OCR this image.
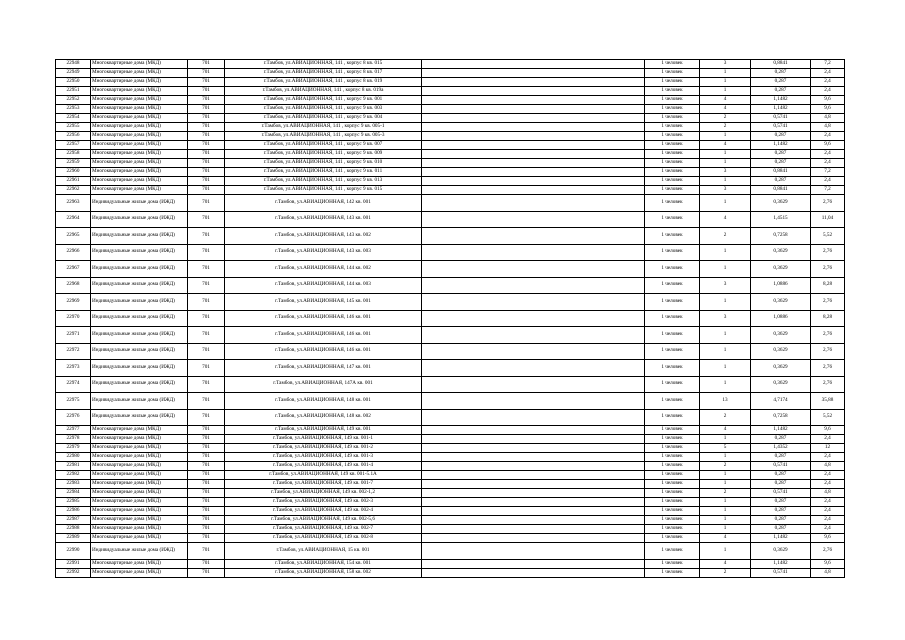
22948	Многоквартирные дома (МКД)	701	г.Тамбов, ул.АВИАЦИОННАЯ, 141 , корпус 8 кв. 015		1 человек	3	0,8841	7,2
22949	Многоквартирные дома (МКД)	701	г.Тамбов, ул.АВИАЦИОННАЯ, 141 , корпус 8 кв. 017		1 человек	1	0,287	2,4
22950	Многоквартирные дома (МКД)	701	г.Тамбов, ул.АВИАЦИОННАЯ, 141 , корпус 8 кв. 019		1 человек	1	0,287	2,4
22951	Многоквартирные дома (МКД)	701	г.Тамбов, ул.АВИАЦИОННАЯ, 141 , корпус 8 кв. 019а		1 человек	1	0,287	2,4
22952	Многоквартирные дома (МКД)	701	г.Тамбов, ул.АВИАЦИОННАЯ, 141 , корпус 9 кв. 001		1 человек	4	1,1482	9,6
22953	Многоквартирные дома (МКД)	701	г.Тамбов, ул.АВИАЦИОННАЯ, 141 , корпус 9 кв. 003		1 человек	4	1,1482	9,6
22954	Многоквартирные дома (МКД)	701	г.Тамбов, ул.АВИАЦИОННАЯ, 141 , корпус 9 кв. 004		1 человек	2	0,5741	4,8
22955	Многоквартирные дома (МКД)	701	г.Тамбов, ул.АВИАЦИОННАЯ, 141 , корпус 9 кв. 005-1		1 человек	2	0,5741	4,8
22956	Многоквартирные дома (МКД)	701	г.Тамбов, ул.АВИАЦИОННАЯ, 141 , корпус 9 кв. 005-3		1 человек	1	0,287	2,4
22957	Многоквартирные дома (МКД)	701	г.Тамбов, ул.АВИАЦИОННАЯ, 141 , корпус 9 кв. 007		1 человек	4	1,1482	9,6
22958	Многоквартирные дома (МКД)	701	г.Тамбов, ул.АВИАЦИОННАЯ, 141 , корпус 9 кв. 009		1 человек	1	0,287	2,4
22959	Многоквартирные дома (МКД)	701	г.Тамбов, ул.АВИАЦИОННАЯ, 141 , корпус 9 кв. 010		1 человек	1	0,287	2,4
22960	Многоквартирные дома (МКД)	701	г.Тамбов, ул.АВИАЦИОННАЯ, 141 , корпус 9 кв. 011		1 человек	3	0,8841	7,2
22961	Многоквартирные дома (МКД)	701	г.Тамбов, ул.АВИАЦИОННАЯ, 141 , корпус 9 кв. 013		1 человек	1	0,287	2,4
22962	Многоквартирные дома (МКД)	701	г.Тамбов, ул.АВИАЦИОННАЯ, 141 , корпус 9 кв. 015		1 человек	3	0,8841	7,2
22963	Индивидуальные жилые дома (ИЖД)	701	г.Тамбов, ул.АВИАЦИОННАЯ, 142 кв. 001		1 человек	1	0,3629	2,76
22964	Индивидуальные жилые дома (ИЖД)	701	г.Тамбов, ул.АВИАЦИОННАЯ, 143 кв. 001		1 человек	4	1,4515	11,04
22965	Индивидуальные жилые дома (ИЖД)	701	г.Тамбов, ул.АВИАЦИОННАЯ, 143 кв. 002		1 человек	2	0,7258	5,52
22966	Индивидуальные жилые дома (ИЖД)	701	г.Тамбов, ул.АВИАЦИОННАЯ, 143 кв. 003		1 человек	1	0,3629	2,76
22967	Индивидуальные жилые дома (ИЖД)	701	г.Тамбов, ул.АВИАЦИОННАЯ, 144 кв. 002		1 человек	1	0,3629	2,76
22968	Индивидуальные жилые дома (ИЖД)	701	г.Тамбов, ул.АВИАЦИОННАЯ, 144 кв. 003		1 человек	3	1,0886	8,28
22969	Индивидуальные жилые дома (ИЖД)	701	г.Тамбов, ул.АВИАЦИОННАЯ, 145 кв. 001		1 человек	1	0,3629	2,76
22970	Индивидуальные жилые дома (ИЖД)	701	г.Тамбов, ул.АВИАЦИОННАЯ, 146 кв. 001		1 человек	3	1,0886	8,28
22971	Индивидуальные жилые дома (ИЖД)	701	г.Тамбов, ул.АВИАЦИОННАЯ, 146 кв. 001		1 человек	1	0,3629	2,76
22972	Индивидуальные жилые дома (ИЖД)	701	г.Тамбов, ул.АВИАЦИОННАЯ, 146 кв. 001		1 человек	1	0,3629	2,76
22973	Индивидуальные жилые дома (ИЖД)	701	г.Тамбов, ул.АВИАЦИОННАЯ, 147 кв. 001		1 человек	1	0,3629	2,76
22974	Индивидуальные жилые дома (ИЖД)	701	г.Тамбов, ул.АВИАЦИОННАЯ, 147А кв. 001		1 человек	1	0,3629	2,76
22975	Индивидуальные жилые дома (ИЖД)	701	г.Тамбов, ул.АВИАЦИОННАЯ, 148 кв. 001		1 человек	13	4,7174	35,88
22976	Индивидуальные жилые дома (ИЖД)	701	г.Тамбов, ул.АВИАЦИОННАЯ, 148 кв. 002		1 человек	2	0,7258	5,52
22977	Многоквартирные дома (МКД)	701	г.Тамбов, ул.АВИАЦИОННАЯ, 149 кв. 001		1 человек	4	1,1482	9,6
22978	Многоквартирные дома (МКД)	701	г.Тамбов, ул.АВИАЦИОННАЯ, 149 кв. 001-1		1 человек	1	0,287	2,4
22979	Многоквартирные дома (МКД)	701	г.Тамбов, ул.АВИАЦИОННАЯ, 149 кв. 001-2		1 человек	5	1,4352	12
22980	Многоквартирные дома (МКД)	701	г.Тамбов, ул.АВИАЦИОННАЯ, 149 кв. 001-3		1 человек	1	0,287	2,4
22981	Многоквартирные дома (МКД)	701	г.Тамбов, ул.АВИАЦИОННАЯ, 149 кв. 001-4		1 человек	2	0,5741	4,8
22982	Многоквартирные дома (МКД)	701	г.Тамбов, ул.АВИАЦИОННАЯ, 149 кв. 001-5.1А		1 человек	1	0,287	2,4
22983	Многоквартирные дома (МКД)	701	г.Тамбов, ул.АВИАЦИОННАЯ, 149 кв. 001-7		1 человек	1	0,287	2,4
22984	Многоквартирные дома (МКД)	701	г.Тамбов, ул.АВИАЦИОННАЯ, 149 кв. 002-1,2		1 человек	2	0,5741	4,8
22985	Многоквартирные дома (МКД)	701	г.Тамбов, ул.АВИАЦИОННАЯ, 149 кв. 002-3		1 человек	1	0,287	2,4
22986	Многоквартирные дома (МКД)	701	г.Тамбов, ул.АВИАЦИОННАЯ, 149 кв. 002-4		1 человек	1	0,287	2,4
22987	Многоквартирные дома (МКД)	701	г.Тамбов, ул.АВИАЦИОННАЯ, 149 кв. 002-5,6		1 человек	1	0,287	2,4
22988	Многоквартирные дома (МКД)	701	г.Тамбов, ул.АВИАЦИОННАЯ, 149 кв. 002-7		1 человек	1	0,287	2,4
22989	Многоквартирные дома (МКД)	701	г.Тамбов, ул.АВИАЦИОННАЯ, 149 кв. 002-8		1 человек	4	1,1482	9,6
22990	Индивидуальные жилые дома (ИЖД)	701	г.Тамбов, ул.АВИАЦИОННАЯ, 15 кв. 001		1 человек	1	0,3629	2,76
22991	Многоквартирные дома (МКД)	701	г.Тамбов, ул.АВИАЦИОННАЯ, 154 кв. 001		1 человек	4	1,1482	9,6
22992	Многоквартирные дома (МКД)	701	г.Тамбов, ул.АВИАЦИОННАЯ, 158 кв. 002		1 человек	2	0,5741	4,8
